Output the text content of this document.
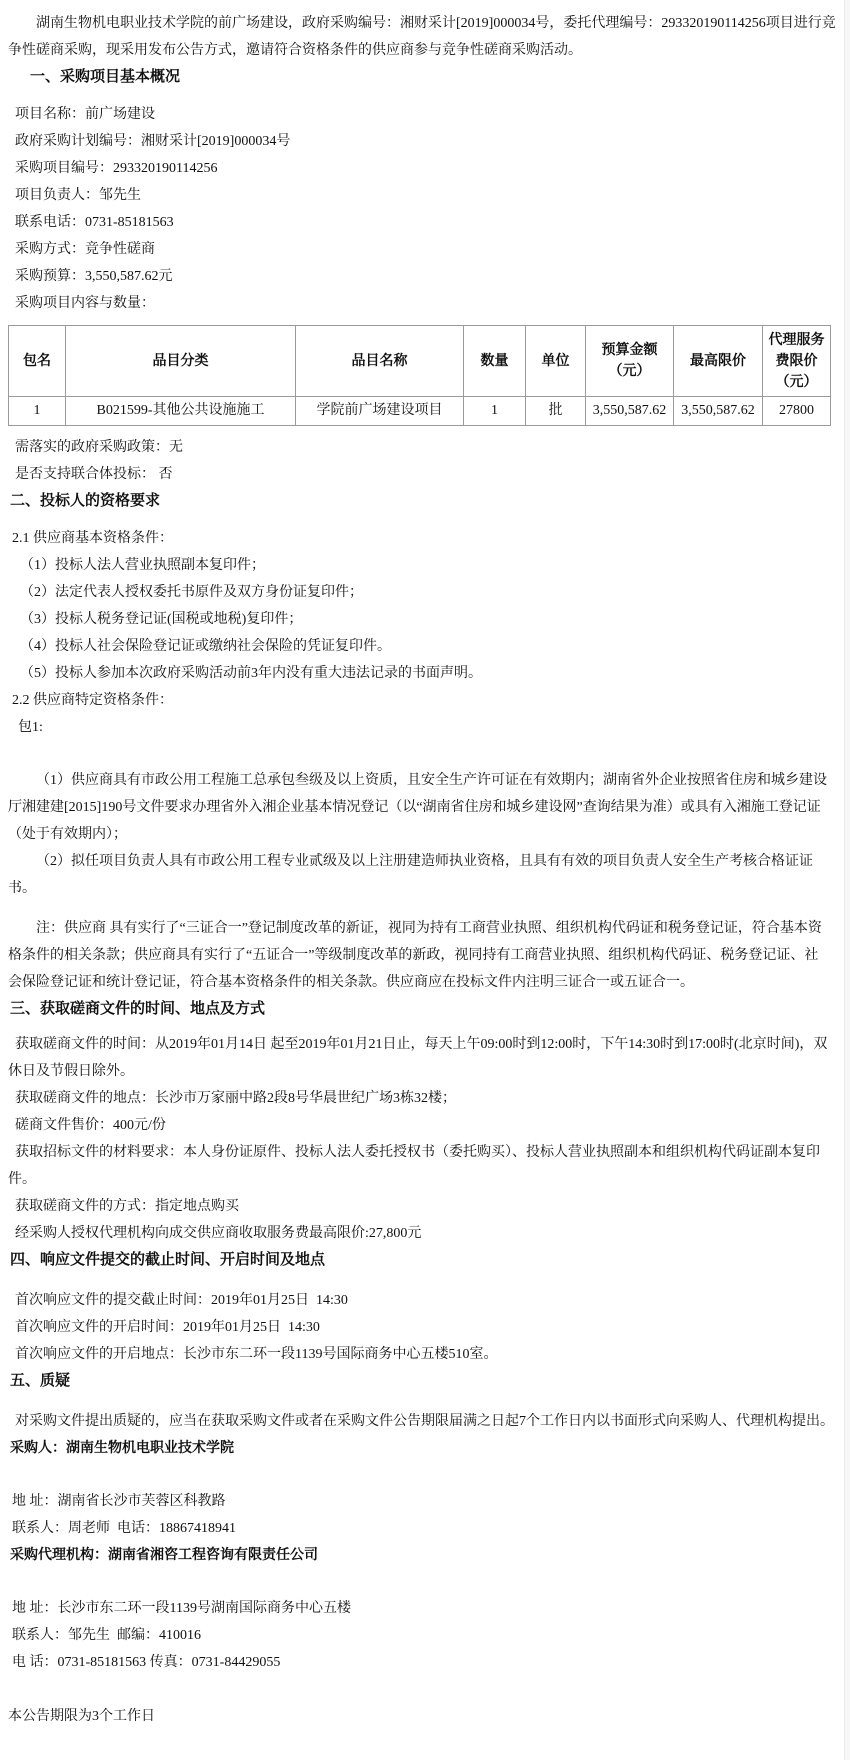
湖南生物机电职业技术学院的前广场建设，政府采购编号：湘财采计[2019]000034号，委托代理编号：293320190114256项目进行竞争性磋商采购，现采用发布公告方式，邀请符合资格条件的供应商参与竞争性磋商采购活动。

一、采购项目基本概况

项目名称：前广场建设

政府采购计划编号：湘财采计[2019]000034号

采购项目编号：293320190114256

项目负责人：邹先生

联系电话：0731-85181563

采购方式：竞争性磋商

采购预算：3,550,587.62元

采购项目内容与数量：

包名	品目分类	品目名称	数量	单位	预算金额（元）	最高限价	代理服务费限价（元）
1	B021599-其他公共设施施工	学院前广场建设项目	1	批	3,550,587.62	3,550,587.62	27800

需落实的政府采购政策：无

是否支持联合体投标： 否

二、投标人的资格要求

2.1 供应商基本资格条件：

（1）投标人法人营业执照副本复印件；

（2）法定代表人授权委托书原件及双方身份证复印件；

（3）投标人税务登记证(国税或地税)复印件；

（4）投标人社会保险登记证或缴纳社会保险的凭证复印件。

（5）投标人参加本次政府采购活动前3年内没有重大违法记录的书面声明。

2.2 供应商特定资格条件：

包1:

（1）供应商具有市政公用工程施工总承包叁级及以上资质，且安全生产许可证在有效期内；湖南省外企业按照省住房和城乡建设厅湘建建[2015]190号文件要求办理省外入湘企业基本情况登记（以“湖南省住房和城乡建设网”查询结果为准）或具有入湘施工登记证（处于有效期内）；

（2）拟任项目负责人具有市政公用工程专业贰级及以上注册建造师执业资格，且具有有效的项目负责人安全生产考核合格证证书。

注：供应商 具有实行了“三证合一”登记制度改革的新证，视同为持有工商营业执照、组织机构代码证和税务登记证，符合基本资格条件的相关条款；供应商具有实行了“五证合一”等级制度改革的新政，视同持有工商营业执照、组织机构代码证、税务登记证、社会保险登记证和统计登记证，符合基本资格条件的相关条款。供应商应在投标文件内注明三证合一或五证合一。

三、获取磋商文件的时间、地点及方式

获取磋商文件的时间：从2019年01月14日 起至2019年01月21日止，每天上午09:00时到12:00时，下午14:30时到17:00时(北京时间)，双休日及节假日除外。

获取磋商文件的地点：长沙市万家丽中路2段8号华晨世纪广场3栋32楼；

磋商文件售价：400元/份

获取招标文件的材料要求：本人身份证原件、投标人法人委托授权书（委托购买）、投标人营业执照副本和组织机构代码证副本复印件。

获取磋商文件的方式：指定地点购买

经采购人授权代理机构向成交供应商收取服务费最高限价:27,800元

四、响应文件提交的截止时间、开启时间及地点

首次响应文件的提交截止时间：2019年01月25日  14:30

首次响应文件的开启时间：2019年01月25日  14:30

首次响应文件的开启地点：长沙市东二环一段1139号国际商务中心五楼510室。

五、质疑

对采购文件提出质疑的，应当在获取采购文件或者在采购文件公告期限届满之日起7个工作日内以书面形式向采购人、代理机构提出。

采购人：湖南生物机电职业技术学院

地 址：湖南省长沙市芙蓉区科教路

联系人：周老师  电话：18867418941

采购代理机构：湖南省湘咨工程咨询有限责任公司

地 址：长沙市东二环一段1139号湖南国际商务中心五楼

联系人：邹先生  邮编：410016

电 话：0731-85181563 传真：0731-84429055

本公告期限为3个工作日
